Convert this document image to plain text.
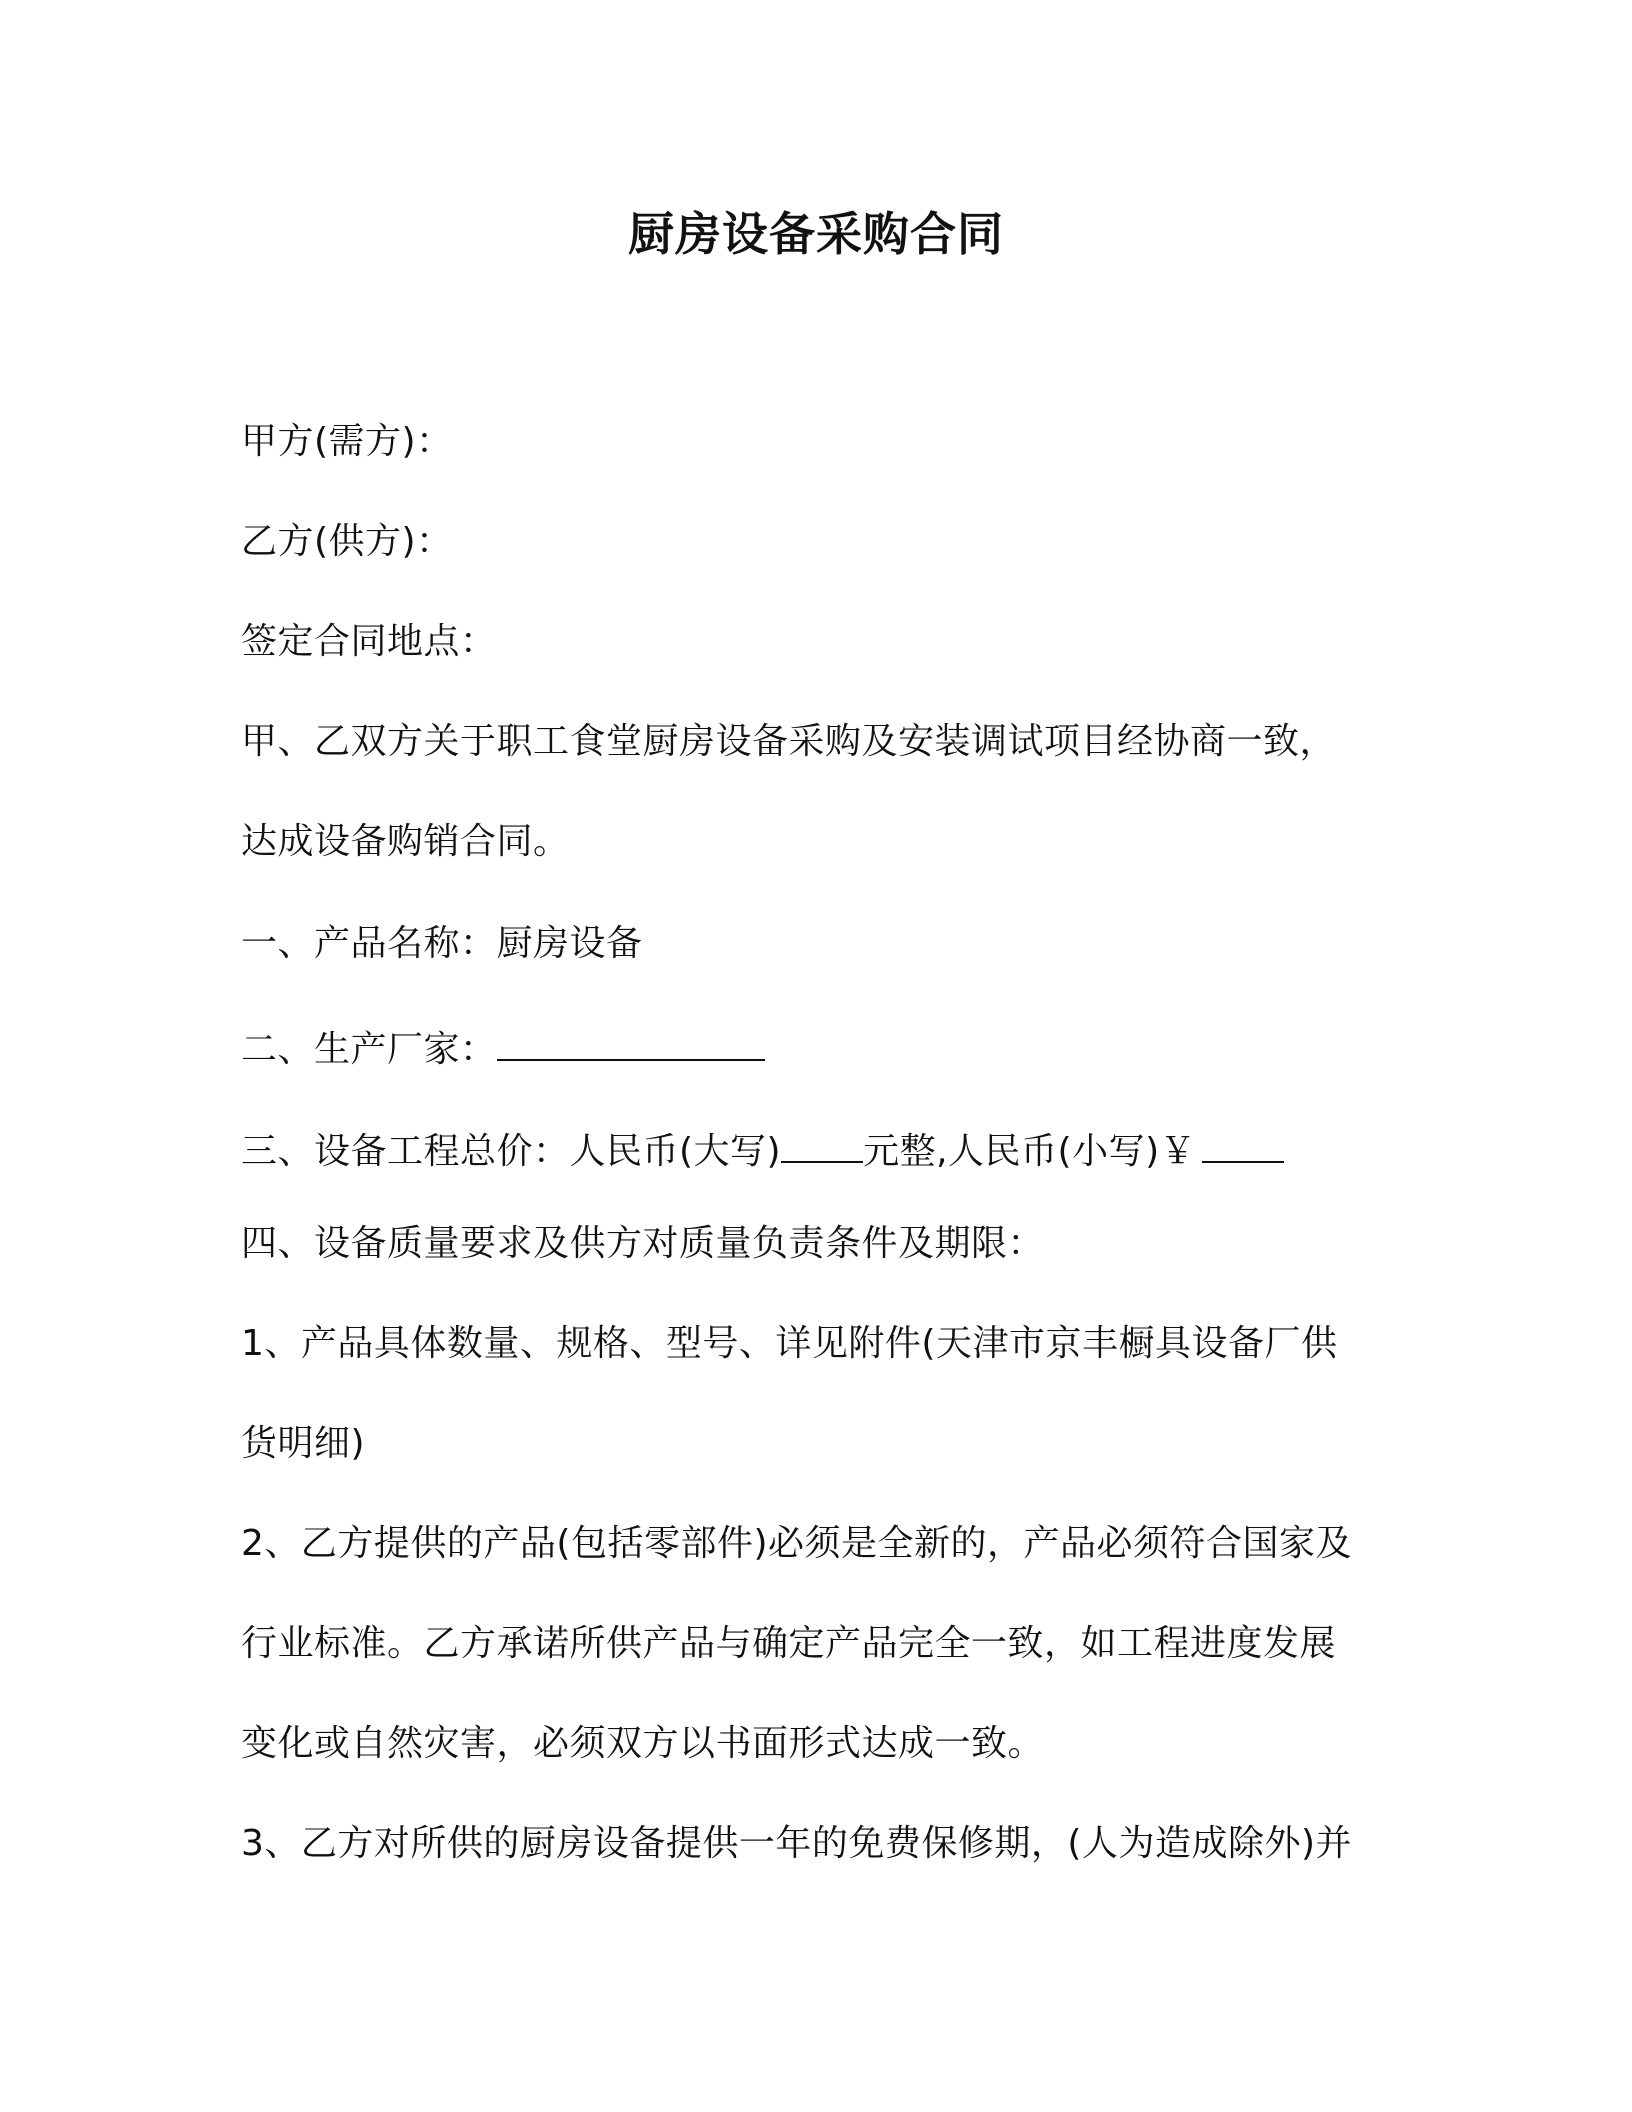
厨房设备采购合同
甲方(需方)：
乙方(供方)：
签定合同地点：
甲、乙双方关于职工食堂厨房设备采购及安装调试项目经协商一致，
达成设备购销合同。
一、产品名称：厨房设备
二、生产厂家：
三、设备工程总价：人民币(大写) 元整,人民币(小写)￥
四、设备质量要求及供方对质量负责条件及期限：
1、产品具体数量、规格、型号、详见附件(天津市京丰橱具设备厂供
货明细)
2、乙方提供的产品(包括零部件)必须是全新的，产品必须符合国家及
行业标准。乙方承诺所供产品与确定产品完全一致，如工程进度发展
变化或自然灾害，必须双方以书面形式达成一致。
3、乙方对所供的厨房设备提供一年的免费保修期，(人为造成除外)并
